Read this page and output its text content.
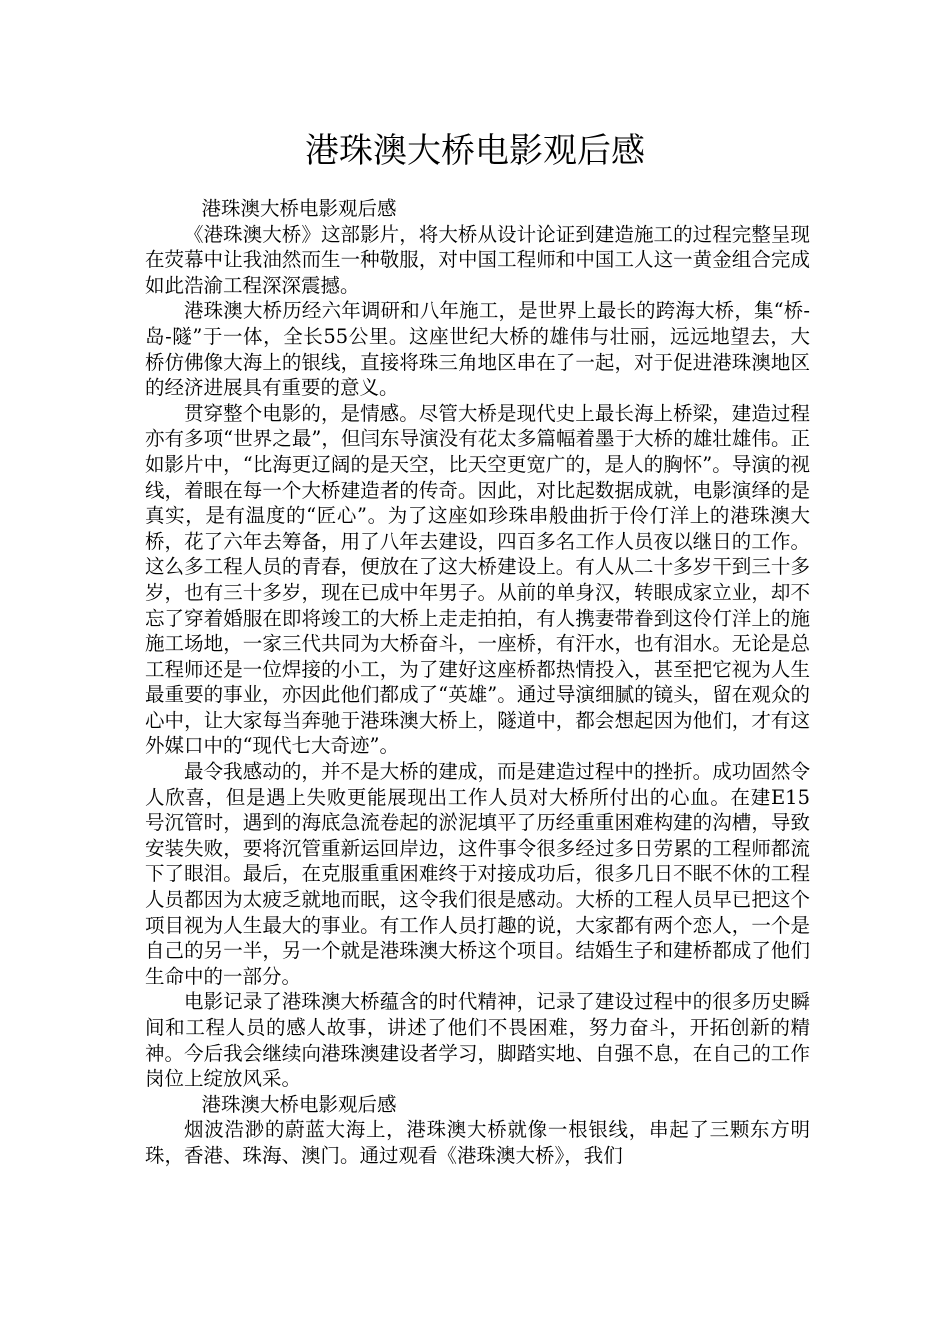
港珠澳大桥电影观后感

港珠澳大桥电影观后感

《港珠澳大桥》这部影片，将大桥从设计论证到建造施工的过程完整呈现在荧幕中让我油然而生一种敬服，对中国工程师和中国工人这一黄金组合完成如此浩渝工程深深震撼。

港珠澳大桥历经六年调研和八年施工，是世界上最长的跨海大桥，集“桥-岛-隧”于一体，全长55公里。这座世纪大桥的雄伟与壮丽，远远地望去，大桥仿佛像大海上的银线，直接将珠三角地区串在了一起，对于促进港珠澳地区的经济进展具有重要的意义。

贯穿整个电影的，是情感。尽管大桥是现代史上最长海上桥梁，建造过程亦有多项“世界之最”，但闫东导演没有花太多篇幅着墨于大桥的雄壮雄伟。正如影片中，“比海更辽阔的是天空，比天空更宽广的，是人的胸怀”。导演的视线，着眼在每一个大桥建造者的传奇。因此，对比起数据成就，电影演绎的是真实，是有温度的“匠心”。为了这座如珍珠串般曲折于伶仃洋上的港珠澳大桥，花了六年去筹备，用了八年去建设，四百多名工作人员夜以继日的工作。这么多工程人员的青春，便放在了这大桥建设上。有人从二十多岁干到三十多岁，也有三十多岁，现在已成中年男子。从前的单身汉，转眼成家立业，却不忘了穿着婚服在即将竣工的大桥上走走拍拍，有人携妻带眷到这伶仃洋上的施施工场地，一家三代共同为大桥奋斗，一座桥，有汗水，也有泪水。无论是总工程师还是一位焊接的小工，为了建好这座桥都热情投入，甚至把它视为人生最重要的事业，亦因此他们都成了“英雄”。通过导演细腻的镜头，留在观众的心中，让大家每当奔驰于港珠澳大桥上，隧道中，都会想起因为他们，才有这外媒口中的“现代七大奇迹”。

最令我感动的，并不是大桥的建成，而是建造过程中的挫折。成功固然令人欣喜，但是遇上失败更能展现出工作人员对大桥所付出的心血。在建E15 号沉管时，遇到的海底急流卷起的淤泥填平了历经重重困难构建的沟槽，导致安装失败，要将沉管重新运回岸边，这件事令很多经过多日劳累的工程师都流下了眼泪。最后，在克服重重困难终于对接成功后，很多几日不眠不休的工程人员都因为太疲乏就地而眠，这令我们很是感动。大桥的工程人员早已把这个项目视为人生最大的事业。有工作人员打趣的说，大家都有两个恋人，一个是自己的另一半，另一个就是港珠澳大桥这个项目。结婚生子和建桥都成了他们生命中的一部分。

电影记录了港珠澳大桥蕴含的时代精神，记录了建设过程中的很多历史瞬间和工程人员的感人故事，讲述了他们不畏困难，努力奋斗，开拓创新的精神。今后我会继续向港珠澳建设者学习，脚踏实地、自强不息，在自己的工作岗位上绽放风采。

港珠澳大桥电影观后感

烟波浩渺的蔚蓝大海上，港珠澳大桥就像一根银线，串起了三颗东方明珠，香港、珠海、澳门。通过观看《港珠澳大桥》，我们
